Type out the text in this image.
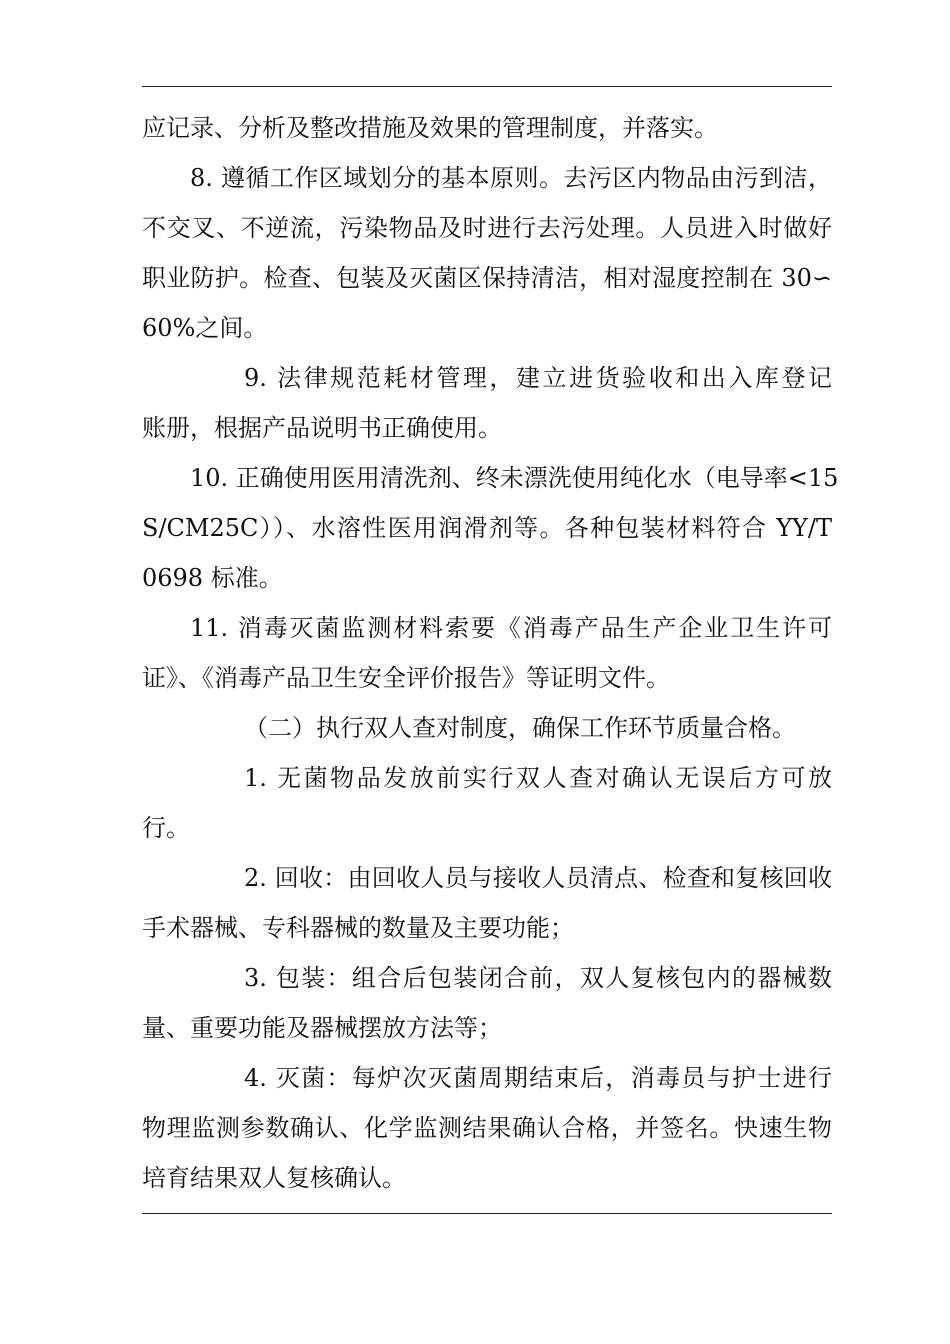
应记录、分析及整改措施及效果的管理制度，并落实。
8. 遵循工作区域划分的基本原则。去污区内物品由污到洁，
不交叉、不逆流，污染物品及时进行去污处理。人员进入时做好
职业防护。检查、包装及灭菌区保持清洁，相对湿度控制在 30∽
60%之间。
9. 法律规范耗材管理，建立进货验收和出入库登记
账册，根据产品说明书正确使用。
10. 正确使用医用清洗剂、终未漂洗使用纯化水（电导率<15
S/CM25C））、水溶性医用润滑剂等。各种包装材料符合 YY/T
0698 标准。
11. 消毒灭菌监测材料索要《消毒产品生产企业卫生许可
证》、《消毒产品卫生安全评价报告》等证明文件。
（二）执行双人查对制度，确保工作环节质量合格。
1. 无菌物品发放前实行双人查对确认无误后方可放
行。
2. 回收：由回收人员与接收人员清点、检查和复核回收
手术器械、专科器械的数量及主要功能；
3. 包装：组合后包装闭合前，双人复核包内的器械数
量、重要功能及器械摆放方法等；
4. 灭菌：每炉次灭菌周期结束后，消毒员与护士进行
物理监测参数确认、化学监测结果确认合格，并签名。快速生物
培育结果双人复核确认。
